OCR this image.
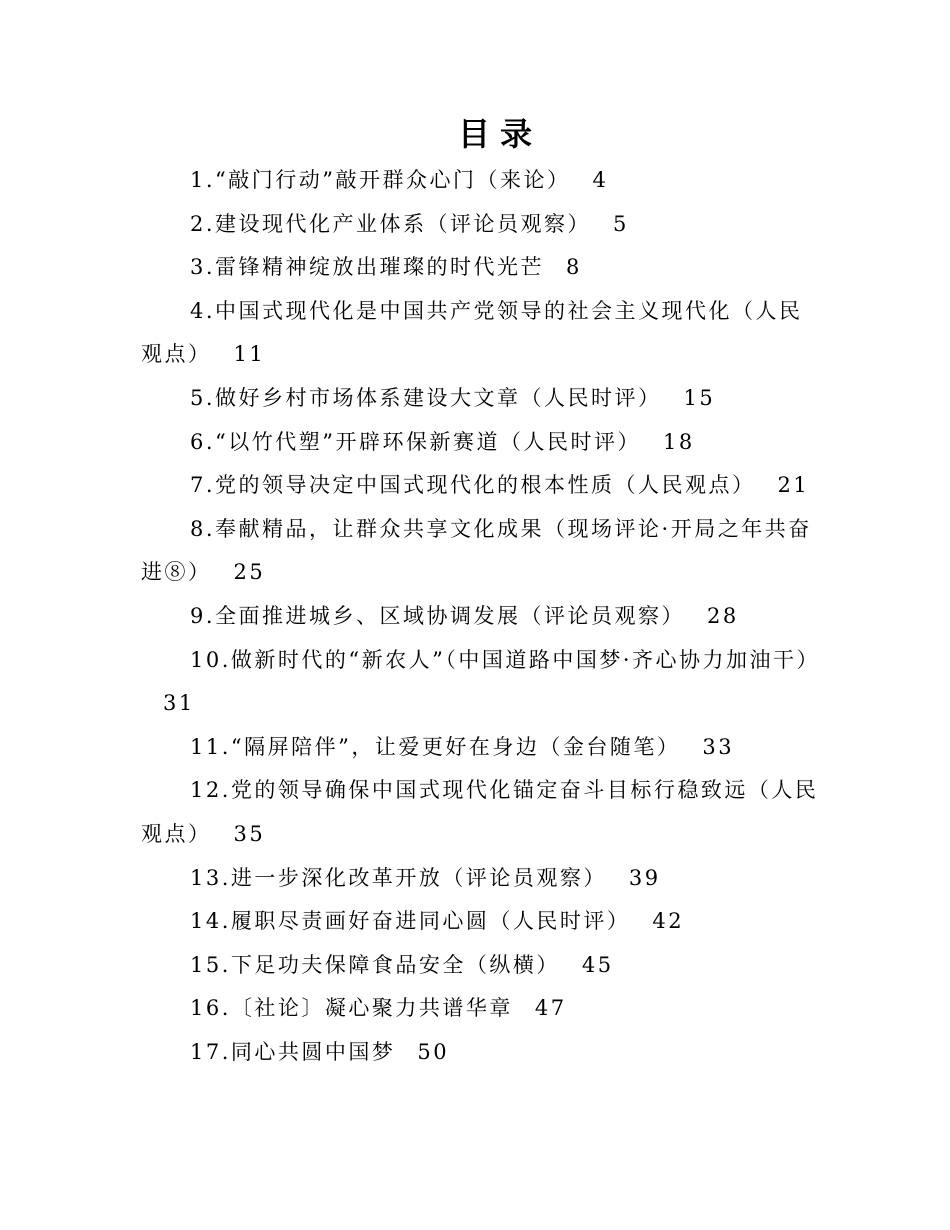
目录
1.“敲门行动”敲开群众心门（来论） 4
2.建设现代化产业体系（评论员观察） 5
3.雷锋精神绽放出璀璨的时代光芒 8
4.中国式现代化是中国共产党领导的社会主义现代化（人民观点） 11
5.做好乡村市场体系建设大文章（人民时评） 15
6.“以竹代塑”开辟环保新赛道（人民时评） 18
7.党的领导决定中国式现代化的根本性质（人民观点） 21
8.奉献精品，让群众共享文化成果（现场评论·开局之年共奋进⑧） 25
9.全面推进城乡、区域协调发展（评论员观察） 28
10.做新时代的“新农人”（中国道路中国梦·齐心协力加油干）31
11.“隔屏陪伴”，让爱更好在身边（金台随笔） 33
12.党的领导确保中国式现代化锚定奋斗目标行稳致远（人民观点） 35
13.进一步深化改革开放（评论员观察） 39
14.履职尽责画好奋进同心圆（人民时评） 42
15.下足功夫保障食品安全（纵横） 45
16.〔社论〕凝心聚力共谱华章 47
17.同心共圆中国梦 50
